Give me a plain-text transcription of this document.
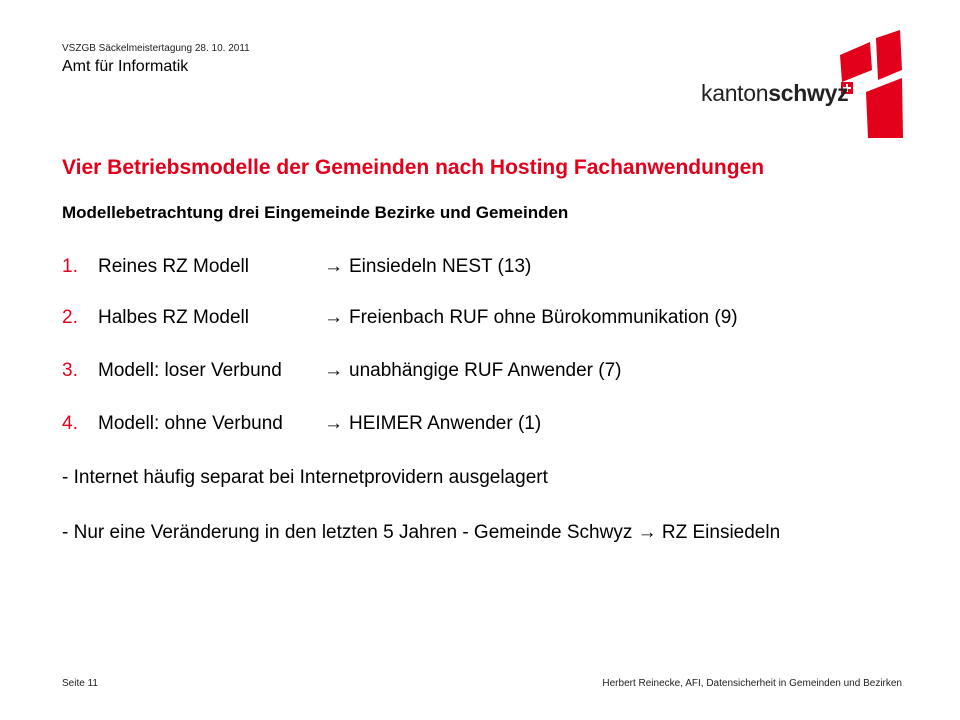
VSZGB Säckelmeistertagung 28. 10. 2011
Amt für Informatik
kantonschwyz
Vier Betriebsmodelle der Gemeinden nach Hosting Fachanwendungen
Modellebetrachtung drei Eingemeinde Bezirke und Gemeinden
1. Reines RZ Modell	→ Einsiedeln NEST (13)
2. Halbes RZ Modell	→ Freienbach RUF ohne Bürokommunikation (9)
3. Modell: loser Verbund → unabhängige RUF Anwender (7)
4. Modell: ohne Verbund → HEIMER Anwender (1)
- Internet häufig separat bei Internetprovidern ausgelagert
- Nur eine Veränderung in den letzten 5 Jahren - Gemeinde Schwyz → RZ Einsiedeln
Seite 11	Herbert Reinecke, AFI, Datensicherheit in Gemeinden und Bezirken
